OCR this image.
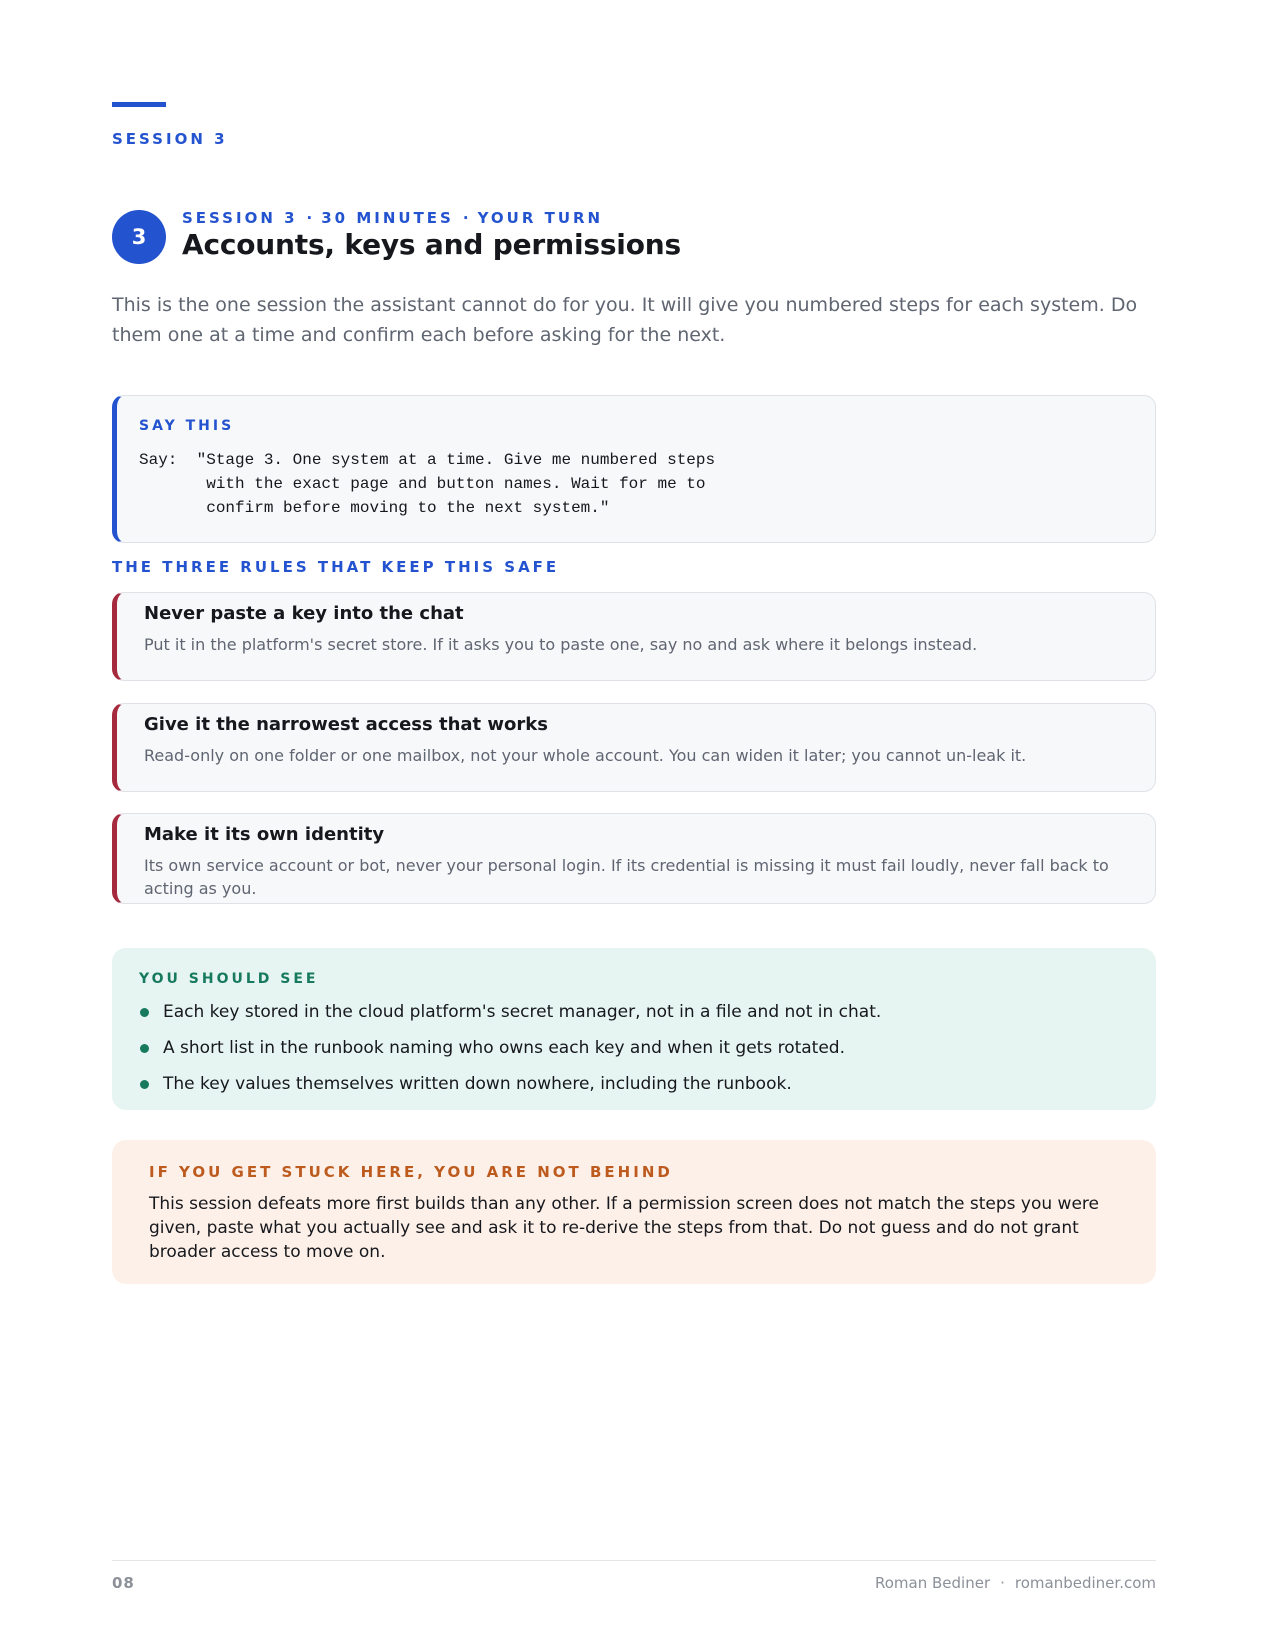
SESSION 3
3
SESSION 3 · 30 MINUTES · YOUR TURN
Accounts, keys and permissions

This is the one session the assistant cannot do for you. It will give you numbered steps for each system. Do them one at a time and confirm each before asking for the next.

SAY THIS
Say:  "Stage 3. One system at a time. Give me numbered steps
with the exact page and button names. Wait for me to
confirm before moving to the next system."
THE THREE RULES THAT KEEP THIS SAFE
Never paste a key into the chat

Put it in the platform's secret store. If it asks you to paste one, say no and ask where it belongs instead.

Give it the narrowest access that works

Read-only on one folder or one mailbox, not your whole account. You can widen it later; you cannot un-leak it.

Make it its own identity

Its own service account or bot, never your personal login. If its credential is missing it must fail loudly, never fall back to acting as you.

YOU SHOULD SEE
Each key stored in the cloud platform's secret manager, not in a file and not in chat.
A short list in the runbook naming who owns each key and when it gets rotated.
The key values themselves written down nowhere, including the runbook.
IF YOU GET STUCK HERE, YOU ARE NOT BEHIND

This session defeats more first builds than any other. If a permission screen does not match the steps you were given, paste what you actually see and ask it to re-derive the steps from that. Do not guess and do not grant broader access to move on.

08	Roman Bediner · romanbediner.com
